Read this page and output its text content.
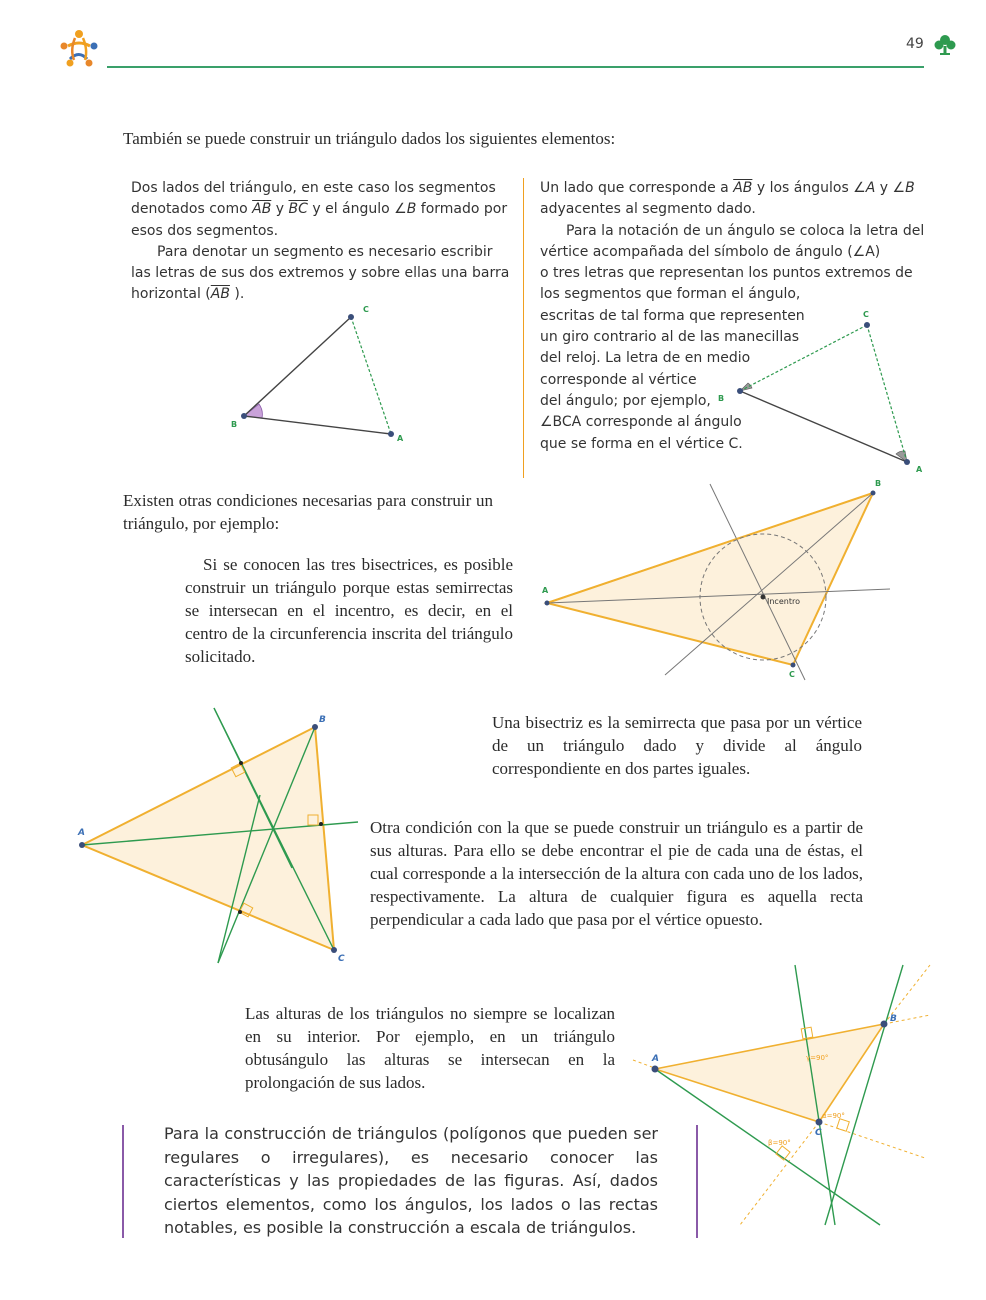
49
También se puede construir un triángulo dados los siguientes elementos:

Dos lados del triángulo, en este caso los segmentos denotados como $\overline{AB}$ y $\overline{BC}$ y el ángulo ∠B formado por esos dos segmentos.

Para denotar un segmento es necesario escribir las letras de sus dos extremos y sobre ellas una barra horizontal ($\overline{AB}$ ).

C
B
A

Un lado que corresponde a $\overline{AB}$ y los ángulos ∠A y ∠B adyacentes al segmento dado.

Para la notación de un ángulo se coloca la letra del
vértice acompañada del símbolo de ángulo (∠A)
o tres letras que representan los puntos extremos de
los segmentos que forman el ángulo,
escritas de tal forma que representen
un giro contrario al de las manecillas
del reloj. La letra de en medio
corresponde al vértice
del ángulo; por ejemplo,
∠BCA corresponde al ángulo
que se forma en el vértice C.
C
B
A
Existen otras condiciones necesarias para construir un triángulo, por ejemplo:
Si se conocen las tres bisectrices, es posible construir un triángulo porque estas semirrectas se intersecan en el incentro, es decir, en el centro de la circunferencia inscrita del triángulo solicitado.
A
B
C
Incentro
Una bisectriz es la semirrecta que pasa por un vértice de un triángulo dado y divide al ángulo correspondiente en dos partes iguales.
A
B
C
Otra condición con la que se puede construir un triángulo es a partir de sus alturas. Para ello se debe encontrar el pie de cada una de éstas, el cual corresponde a la intersección de la altura con cada uno de los lados, respectivamente. La altura de cualquier figura es aquella recta perpendicular a cada lado que pasa por el vértice opuesto.
Las alturas de los triángulos no siempre se localizan en su interior. Por ejemplo, en un triángulo obtusángulo las alturas se intersecan en la prolongación de sus lados.
A
B
C
γ=90°
α=90°
β=90°
Para la construcción de triángulos (polígonos que pueden ser regulares o irregulares), es necesario conocer las características y las propiedades de las figuras. Así, dados ciertos elementos, como los ángulos, los lados o las rectas notables, es posible la construcción a escala de triángulos.
